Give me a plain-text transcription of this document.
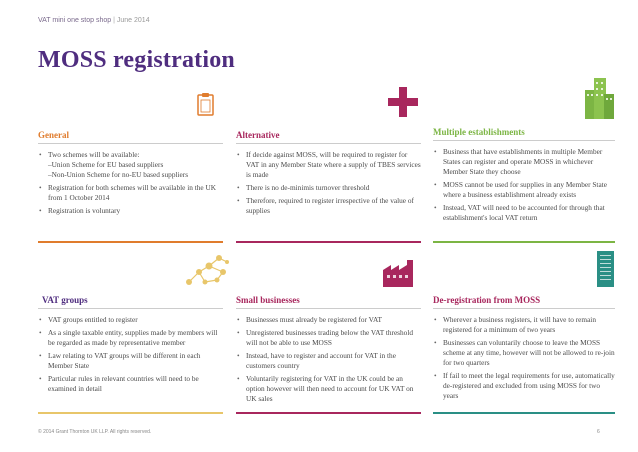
VAT mini one stop shop | June 2014
MOSS registration
General
• Two schemes will be available:
–Union Scheme for EU based suppliers
–Non-Union Scheme for no-EU based suppliers
• Registration for both schemes will be available in the UK from 1 October 2014
• Registration is voluntary
Alternative
• If decide against MOSS, will be required to register for VAT in any Member State where a supply of TBES services is made
• There is no de-minimis turnover threshold
• Therefore, required to register irrespective of the value of supplies
Multiple establishments
• Business that have establishments in multiple Member States can register and operate MOSS in whichever Member State they choose
• MOSS cannot be used for supplies in any Member State where a business establishment already exists
• Instead, VAT will need to be accounted for through that establishment's local VAT return
VAT groups
• VAT groups entitled to register
• As a single taxable entity, supplies made by members will be regarded as made by representative member
• Law relating to VAT groups will be different in each Member State
• Particular rules in relevant countries will need to be examined in detail
Small businesses
• Businesses must already be registered for VAT
• Unregistered businesses trading below the VAT threshold will not be able to use MOSS
• Instead, have to register and account for VAT in the customers country
• Voluntarily registering for VAT in the UK could be an option however will then need to account for UK VAT on UK sales
De-registration from MOSS
• Wherever a business registers, it will have to remain registered for a minimum of two years
• Businesses can voluntarily choose to leave the MOSS scheme at any time, however will not be allowed to re-join for two quarters
• If fail to meet the legal requirements for use, automatically de-registered and excluded from using MOSS for two years
© 2014 Grant Thornton UK LLP. All rights reserved.	6
